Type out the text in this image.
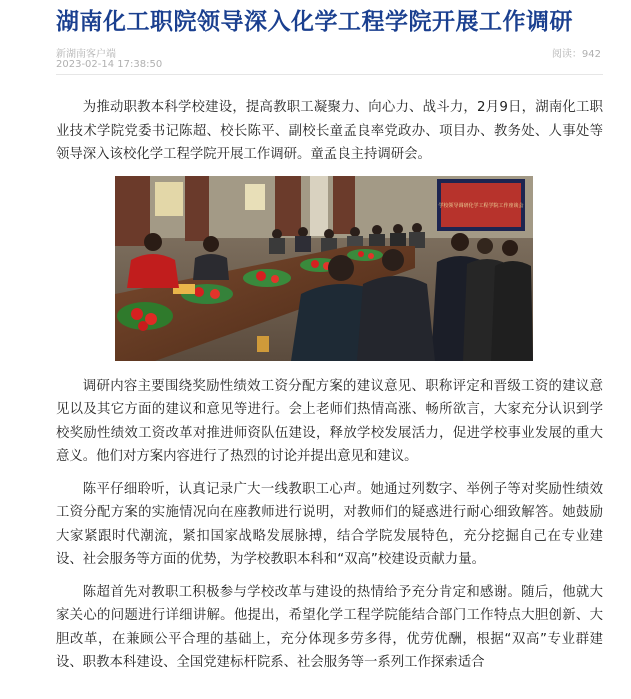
湖南化工职院领导深入化学工程学院开展工作调研
新湖南客户端
2023-02-14 17:38:50
阅读：942

为推动职教本科学校建设，提高教职工凝聚力、向心力、战斗力，2月9日，湖南化工职业技术学院党委书记陈超、校长陈平、副校长童孟良率党政办、项目办、教务处、人事处等领导深入该校化学工程学院开展工作调研。童孟良主持调研会。

学校领导调研化学工程学院工作座谈会

调研内容主要围绕奖励性绩效工资分配方案的建议意见、职称评定和晋级工资的建议意见以及其它方面的建议和意见等进行。会上老师们热情高涨、畅所欲言，大家充分认识到学校奖励性绩效工资改革对推进师资队伍建设，释放学校发展活力，促进学校事业发展的重大意义。他们对方案内容进行了热烈的讨论并提出意见和建议。

陈平仔细聆听，认真记录广大一线教职工心声。她通过列数字、举例子等对奖励性绩效工资分配方案的实施情况向在座教师进行说明，对教师们的疑惑进行耐心细致解答。她鼓励大家紧跟时代潮流，紧扣国家战略发展脉搏，结合学院发展特色，充分挖掘自己在专业建设、社会服务等方面的优势，为学校教职本科和“双高”校建设贡献力量。

陈超首先对教职工积极参与学校改革与建设的热情给予充分肯定和感谢。随后，他就大家关心的问题进行详细讲解。他提出，希望化学工程学院能结合部门工作特点大胆创新、大胆改革，在兼顾公平合理的基础上，充分体现多劳多得，优劳优酬，根据“双高”专业群建设、职教本科建设、全国党建标杆院系、社会服务等一系列工作探索适合
